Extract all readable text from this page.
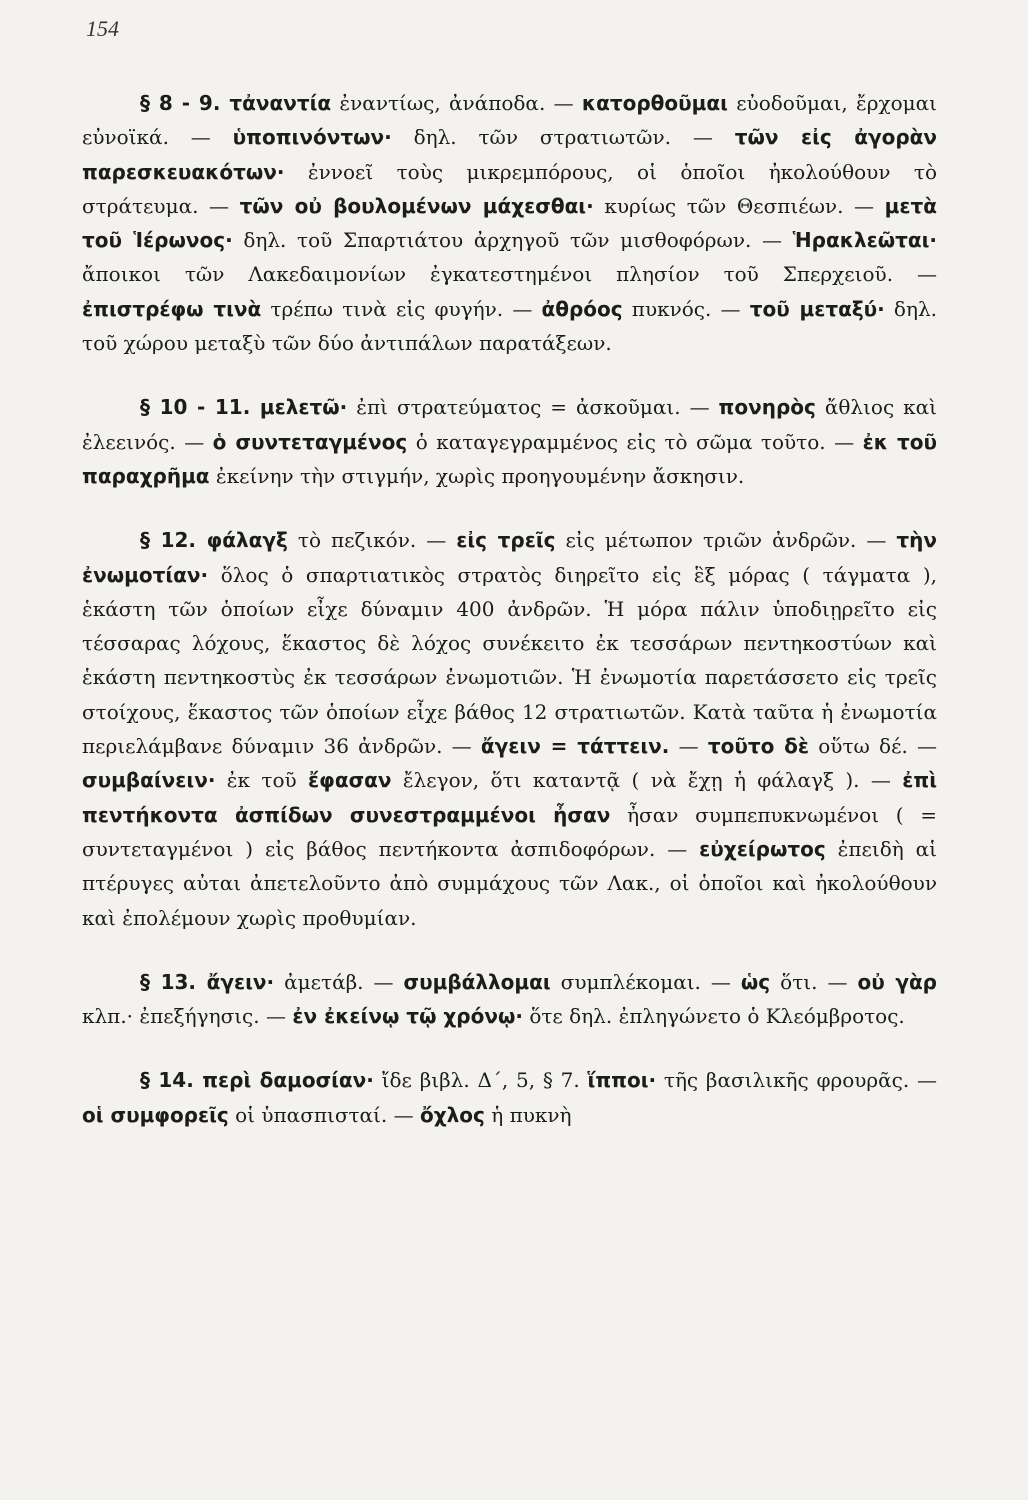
154

§ 8 - 9. τἀναντία ἐναντίως, ἀνάποδα. — κατορθοῦμαι εὐοδοῦμαι, ἔρχομαι εὐνοϊκά. — ὑποπινόντων· δηλ. τῶν στρατιωτῶν. — τῶν εἰς ἀγορὰν παρεσκευακότων· ἐννοεῖ τοὺς μικρεμπόρους, οἱ ὁποῖοι ἠκολούθουν τὸ στράτευμα. — τῶν οὐ βουλομένων μάχεσθαι· κυρίως τῶν Θεσπιέων. — μετὰ τοῦ Ἱέρωνος· δηλ. τοῦ Σπαρτιάτου ἀρχηγοῦ τῶν μισθοφόρων. — Ἡρακλεῶται· ἄποικοι τῶν Λακεδαιμονίων ἐγκατεστημένοι πλησίον τοῦ Σπερχειοῦ. — ἐπιστρέφω τινὰ τρέπω τινὰ εἰς φυγήν. — ἀθρόος πυκνός. — τοῦ μεταξύ· δηλ. τοῦ χώρου μεταξὺ τῶν δύο ἀντιπάλων παρατάξεων.

§ 10 - 11. μελετῶ· ἐπὶ στρατεύματος = ἀσκοῦμαι. — πονηρὸς ἄθλιος καὶ ἐλεεινός. — ὁ συντεταγμένος ὁ καταγεγραμμένος εἰς τὸ σῶμα τοῦτο. — ἐκ τοῦ παραχρῆμα ἐκείνην τὴν στιγμήν, χωρὶς προηγουμένην ἄσκησιν.

§ 12. φάλαγξ τὸ πεζικόν. — εἰς τρεῖς εἰς μέτωπον τριῶν ἀνδρῶν. — τὴν ἐνωμοτίαν· ὅλος ὁ σπαρτιατικὸς στρατὸς διηρεῖτο εἰς ἓξ μόρας ( τάγματα ), ἑκάστη τῶν ὁποίων εἶχε δύναμιν 400 ἀνδρῶν. Ἡ μόρα πάλιν ὑποδιῃρεῖτο εἰς τέσσαρας λόχους, ἕκαστος δὲ λόχος συνέκειτο ἐκ τεσσάρων πεντηκοστύων καὶ ἑκάστη πεντηκοστὺς ἐκ τεσσάρων ἐνωμοτιῶν. Ἡ ἐνωμοτία παρετάσσετο εἰς τρεῖς στοίχους, ἕκαστος τῶν ὁποίων εἶχε βάθος 12 στρατιωτῶν. Κατὰ ταῦτα ἡ ἐνωμοτία περιελάμβανε δύναμιν 36 ἀνδρῶν. — ἄγειν = τάττειν. — τοῦτο δὲ οὕτω δέ. — συμβαίνειν· ἐκ τοῦ ἔφασαν ἔλεγον, ὅτι καταντᾷ ( νὰ ἔχῃ ἡ φάλαγξ ). — ἐπὶ πεντήκοντα ἀσπίδων συνεστραμμένοι ἦσαν ἦσαν συμπεπυκνωμένοι ( = συντεταγμένοι ) εἰς βάθος πεντήκοντα ἀσπιδοφόρων. — εὐχείρωτος ἐπειδὴ αἱ πτέρυγες αὐται ἀπετελοῦντο ἀπὸ συμμάχους τῶν Λακ., οἱ ὁποῖοι καὶ ἠκολούθουν καὶ ἐπολέμουν χωρὶς προθυμίαν.

§ 13. ἄγειν· ἀμετάβ. — συμβάλλομαι συμπλέκομαι. — ὡς ὅτι. — οὐ γὰρ κλπ.· ἐπεξήγησις. — ἐν ἐκείνῳ τῷ χρόνῳ· ὅτε δηλ. ἐπληγώνετο ὁ Κλεόμβροτος.

§ 14. περὶ δαμοσίαν· ἴδε βιβλ. Δ΄, 5, § 7. ἵπποι· τῆς βασιλικῆς φρουρᾶς. — οἱ συμφορεῖς οἱ ὑπασπισταί. — ὄχλος ἡ πυκνὴ
